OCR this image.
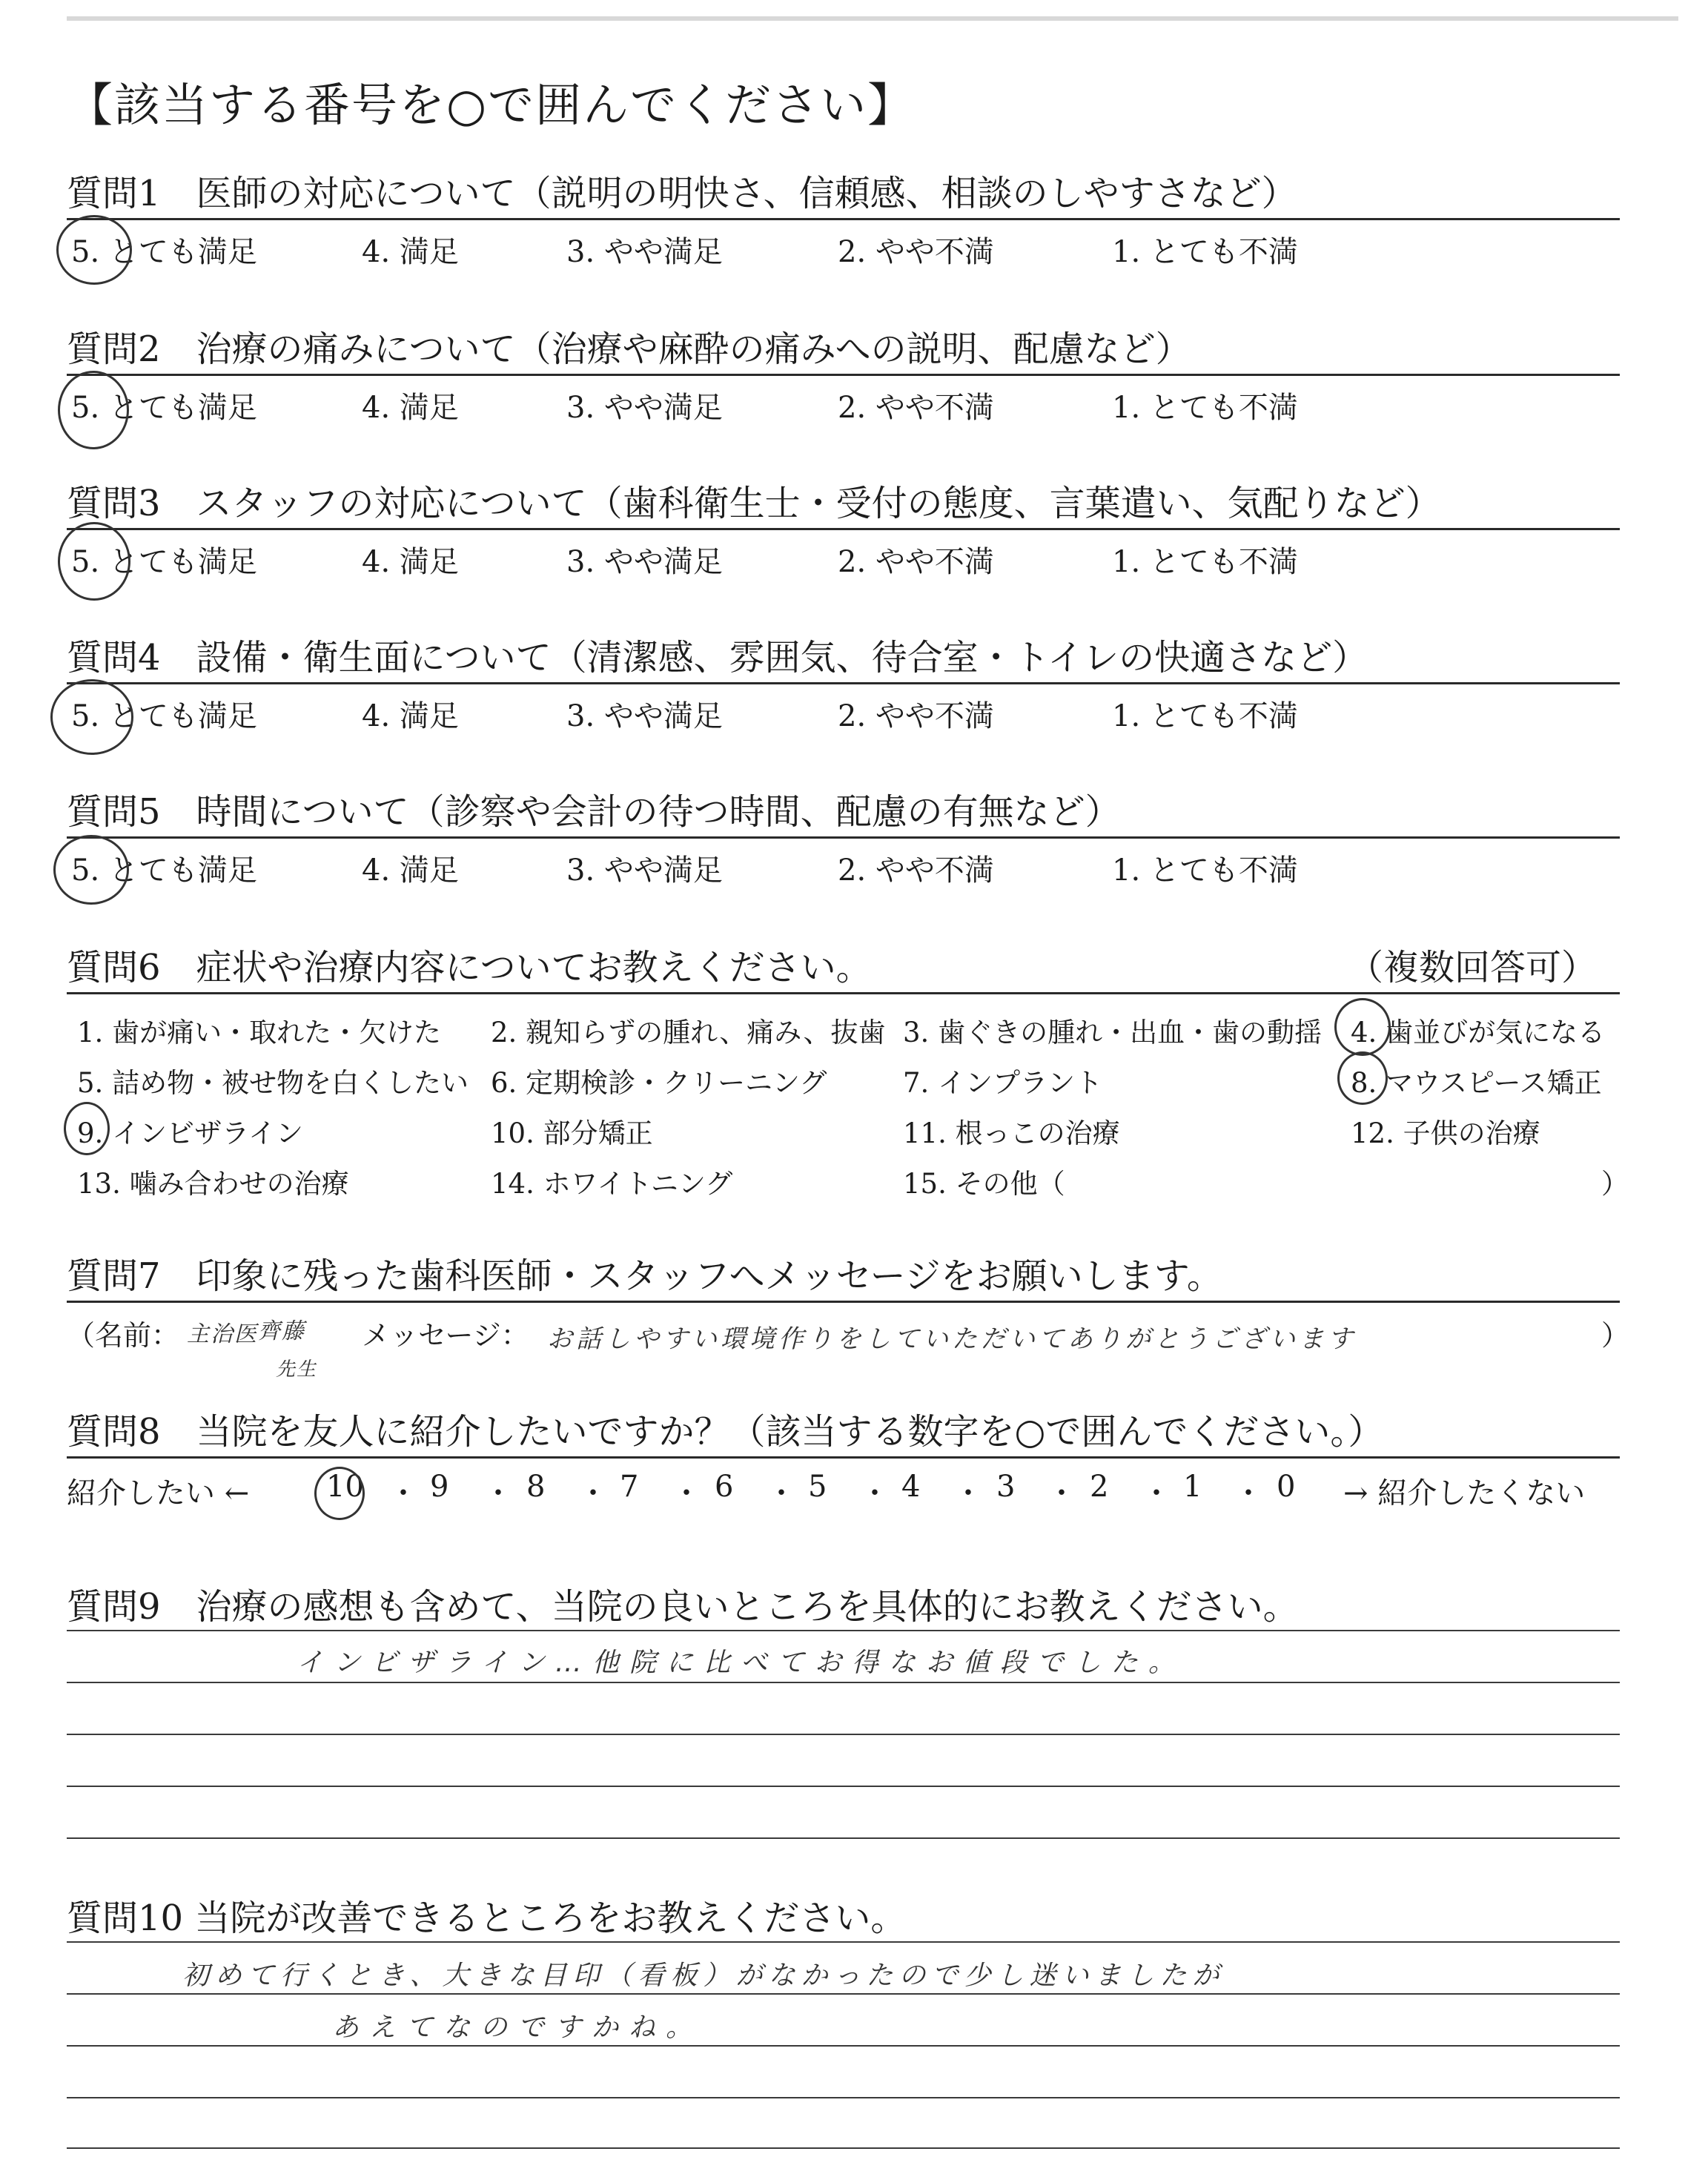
【該当する番号を○で囲んでください】
質問1　医師の対応について（説明の明快さ、信頼感、相談のしやすさなど）
5. とても満足	4. 満足	3. やや満足	2. やや不満	1. とても不満
質問2　治療の痛みについて（治療や麻酔の痛みへの説明、配慮など）
5. とても満足	4. 満足	3. やや満足	2. やや不満	1. とても不満
質問3　スタッフの対応について（歯科衛生士・受付の態度、言葉遣い、気配りなど）
5. とても満足	4. 満足	3. やや満足	2. やや不満	1. とても不満
質問4　設備・衛生面について（清潔感、雰囲気、待合室・トイレの快適さなど）
5. とても満足	4. 満足	3. やや満足	2. やや不満	1. とても不満
質問5　時間について（診察や会計の待つ時間、配慮の有無など）
5. とても満足	4. 満足	3. やや満足	2. やや不満	1. とても不満
質問6　症状や治療内容についてお教えください。	（複数回答可）
1. 歯が痛い・取れた・欠けた 2. 親知らずの腫れ、痛み、抜歯 3. 歯ぐきの腫れ・出血・歯の動揺 4. 歯並びが気になる
5. 詰め物・被せ物を白くしたい 6. 定期検診・クリーニング	7. インプラント	8. マウスピース矯正
9. インビザライン	10. 部分矯正	11. 根っこの治療	12. 子供の治療
13. 噛み合わせの治療	14. ホワイトニング	15. その他（	）
質問7　印象に残った歯科医師・スタッフへメッセージをお願いします。
（名前： 主治医 齊藤
先生
メッセージ： お話しやすい環境作りをしていただいてありがとうございます	）
質問8　当院を友人に紹介したいですか？（該当する数字を○で囲んでください。）
紹介したい ←	→ 紹介したくない
10 ・ 9 ・ 8 ・ 7 ・ 6 ・ 5 ・ 4 ・ 3 ・ 2 ・ 1 ・ 0
質問9　治療の感想も含めて、当院の良いところを具体的にお教えください。
インビザライン…他院に比べてお得なお値段でした。
質問10 当院が改善できるところをお教えください。
初めて行くとき、大きな目印（看板）がなかったので少し迷いましたが
あえてなのですかね。
